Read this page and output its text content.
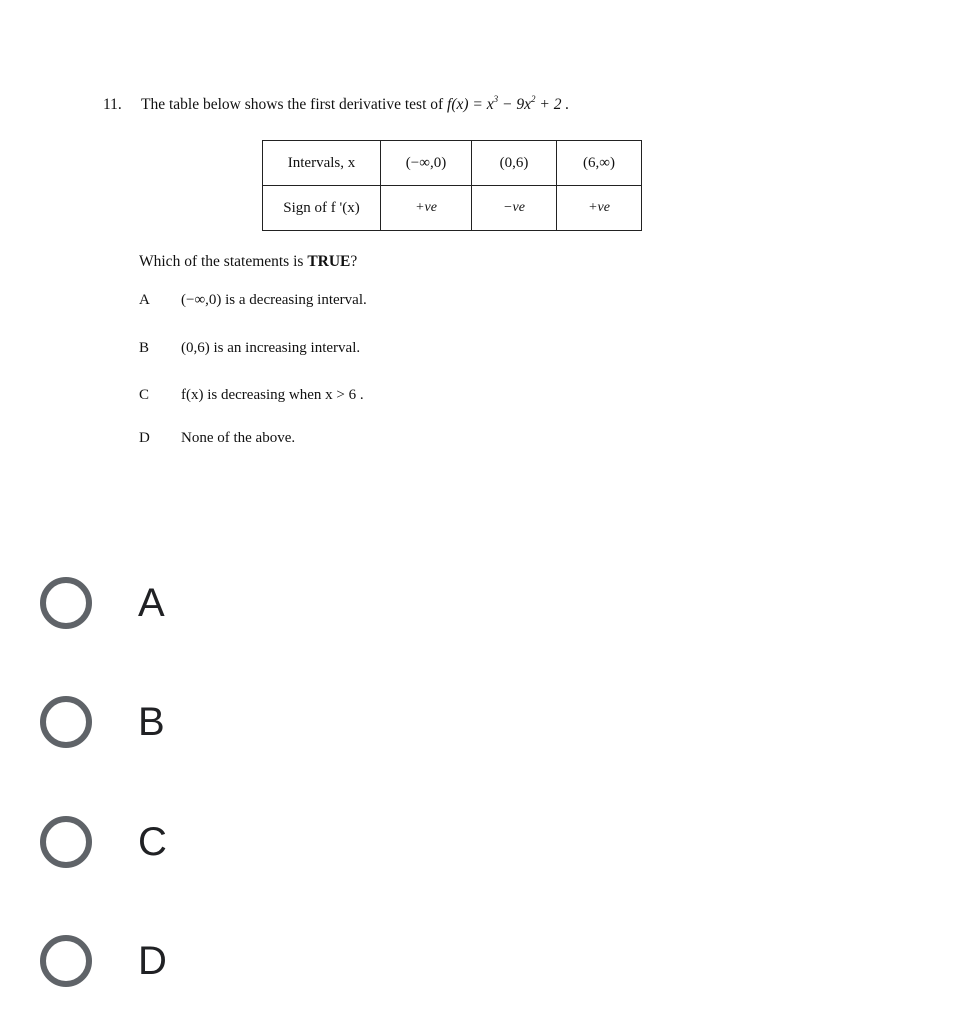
11. The table below shows the first derivative test of $f(x) = x^3 - 9x^2 + 2$ .
Intervals, x	(−∞,0)	(0,6)	(6,∞)
Sign of f '(x)	+ve	−ve	+ve
Which of the statements is TRUE?
A (−∞,0) is a decreasing interval.
B (0,6) is an increasing interval.
C f(x) is decreasing when x > 6 .
D None of the above.
A
B
C
D
